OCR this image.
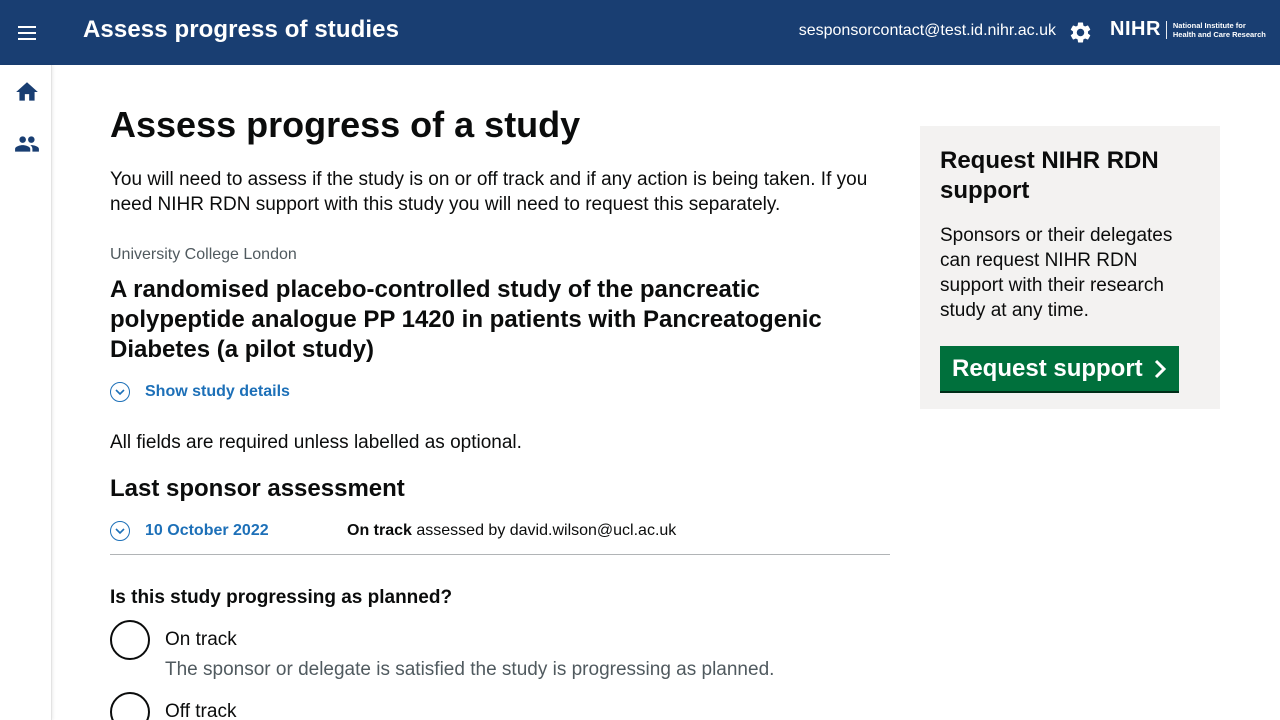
Assess progress of studies	sesponsorcontact@test.id.nihr.ac.uk	NIHR National Institute for Health and Care Research
Assess progress of a study

You will need to assess if the study is on or off track and if any action is being taken. If you need NIHR RDN support with this study you will need to request this separately.

University College London
A randomised placebo-controlled study of the pancreatic polypeptide analogue PP 1420 in patients with Pancreatogenic Diabetes (a pilot study)
Show study details

All fields are required unless labelled as optional.

Last sponsor assessment
10 October 2022	On track assessed by david.wilson@ucl.ac.uk
Is this study progressing as planned?
On track
The sponsor or delegate is satisfied the study is progressing as planned.
Off track
Request NIHR RDN support

Sponsors or their delegates can request NIHR RDN support with their research study at any time.

Request support
